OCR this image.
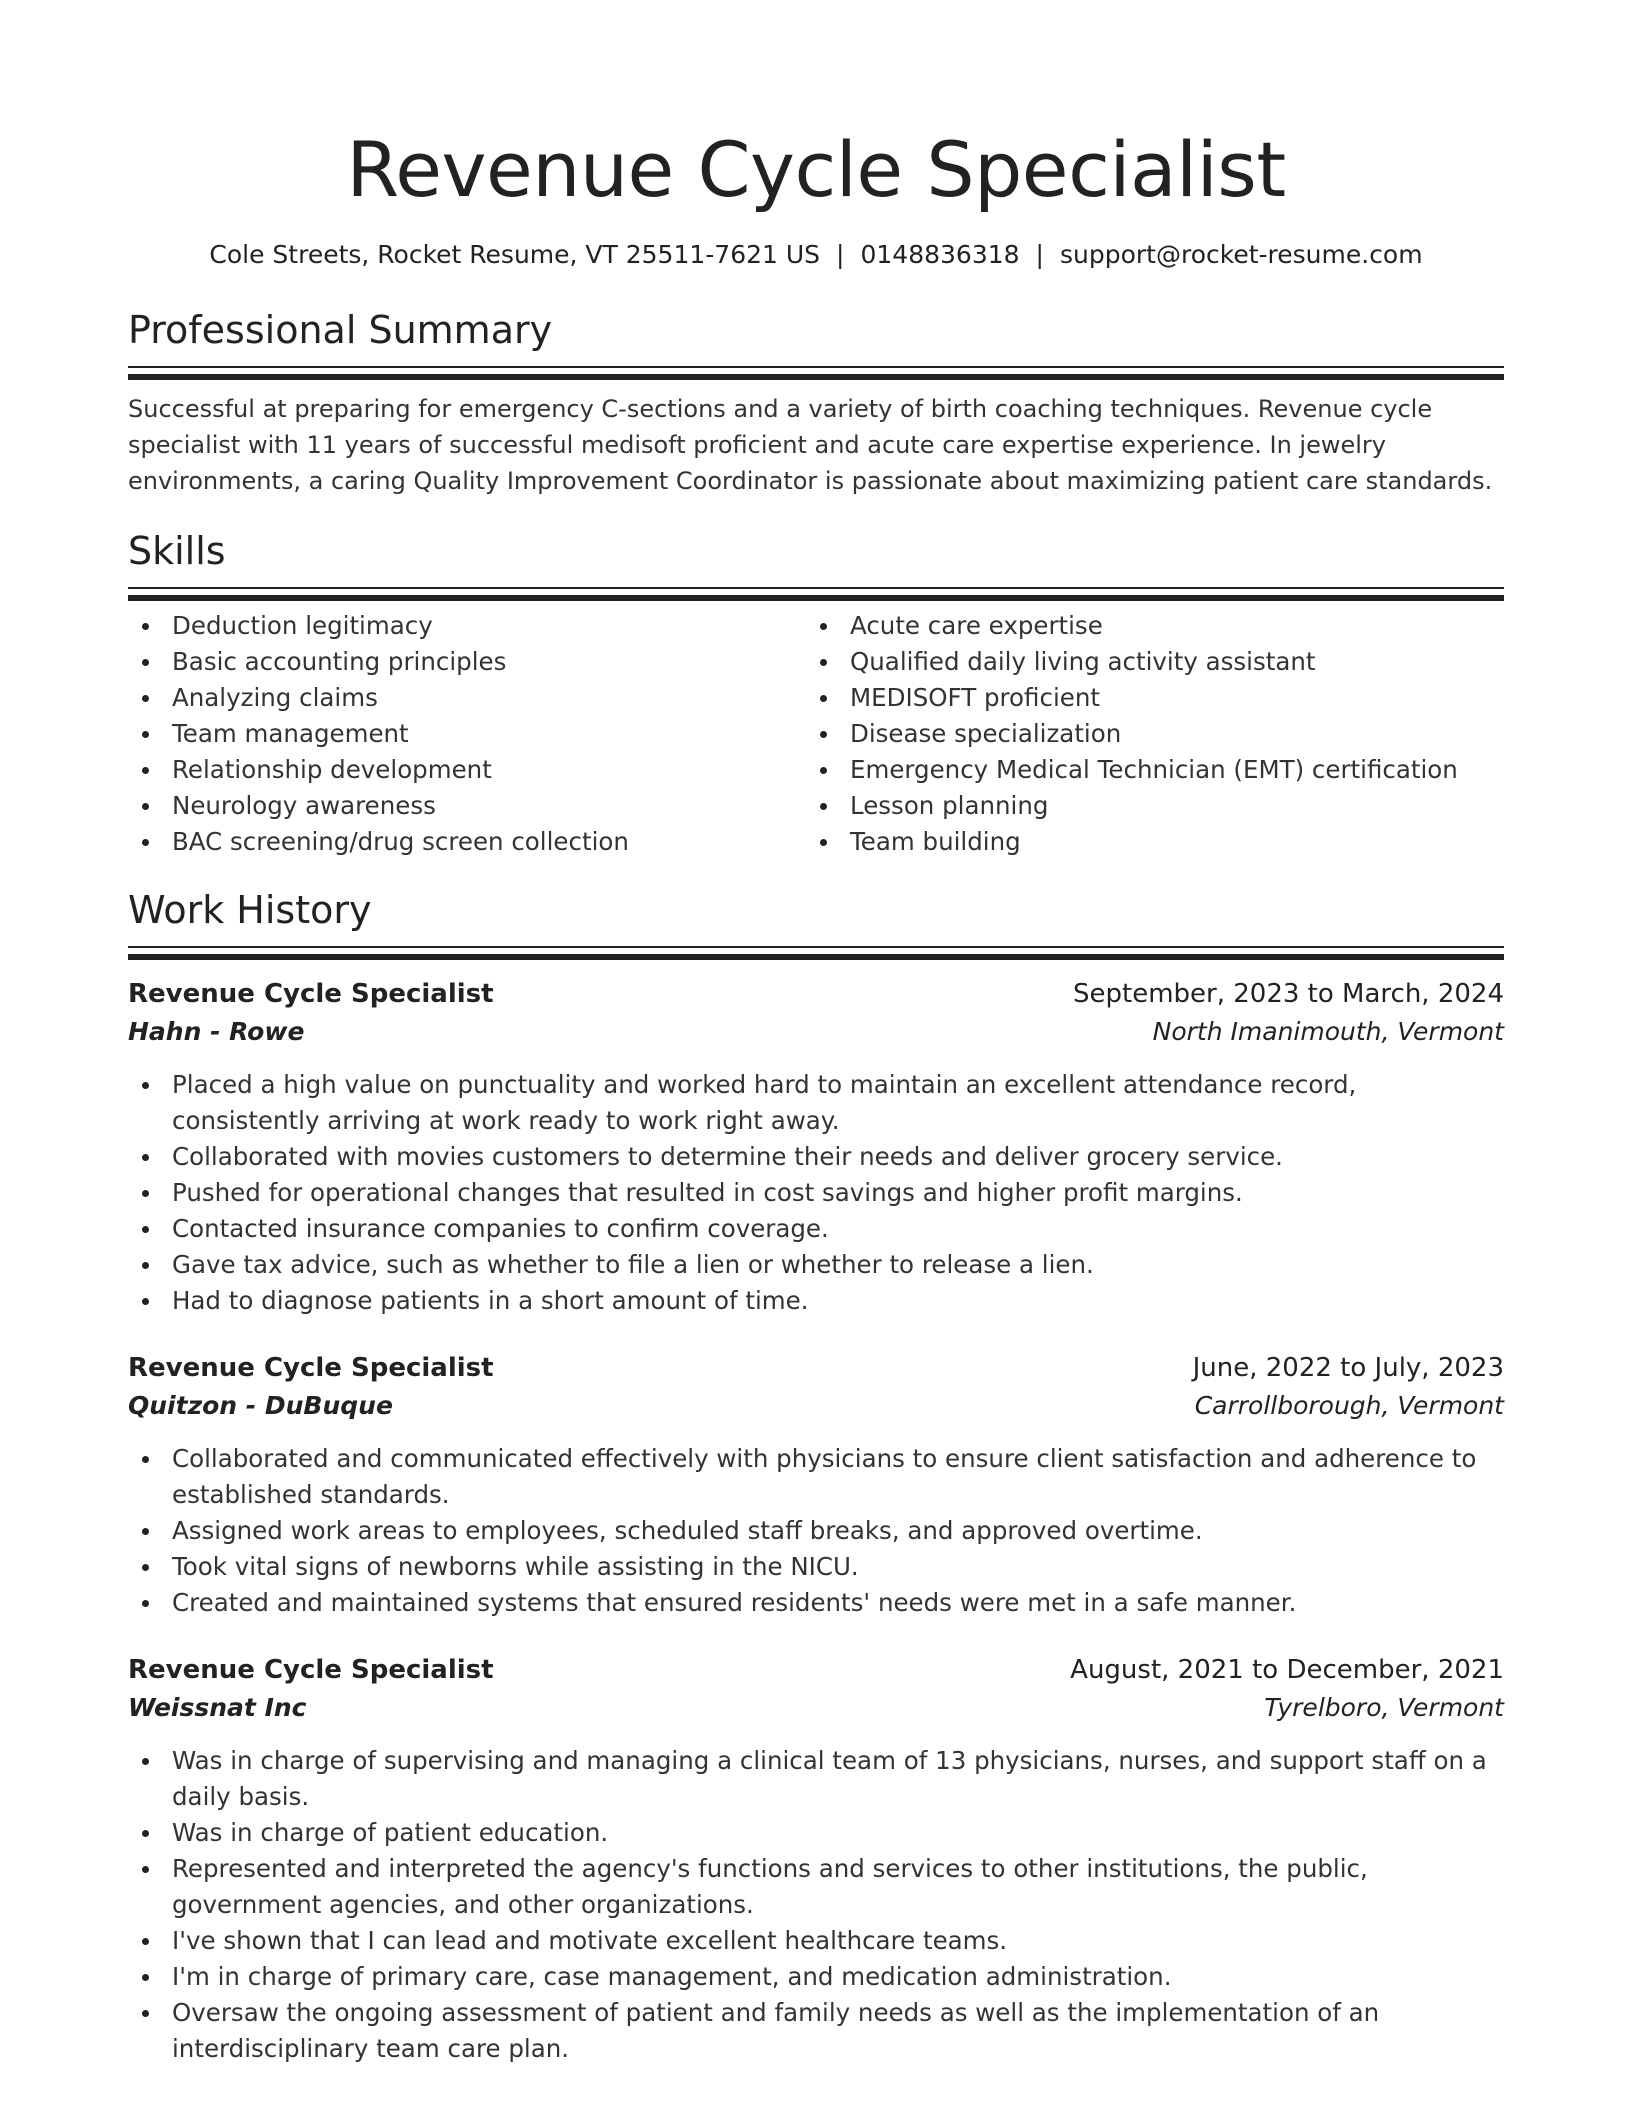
Revenue Cycle Specialist
Cole Streets, Rocket Resume, VT 25511-7621 US | 0148836318 | support@rocket-resume.com
Professional Summary
Successful at preparing for emergency C-sections and a variety of birth coaching techniques. Revenue cycle specialist with 11 years of successful medisoft proficient and acute care expertise experience. In jewelry environments, a caring Quality Improvement Coordinator is passionate about maximizing patient care standards.
Skills
Deduction legitimacy
Basic accounting principles
Analyzing claims
Team management
Relationship development
Neurology awareness
BAC screening/drug screen collection
Acute care expertise
Qualified daily living activity assistant
MEDISOFT proficient
Disease specialization
Emergency Medical Technician (EMT) certification
Lesson planning
Team building
Work History
Revenue Cycle Specialist	September, 2023 to March, 2024
Hahn - Rowe	North Imanimouth, Vermont
Placed a high value on punctuality and worked hard to maintain an excellent attendance record, consistently arriving at work ready to work right away.
Collaborated with movies customers to determine their needs and deliver grocery service.
Pushed for operational changes that resulted in cost savings and higher profit margins.
Contacted insurance companies to confirm coverage.
Gave tax advice, such as whether to file a lien or whether to release a lien.
Had to diagnose patients in a short amount of time.
Revenue Cycle Specialist	June, 2022 to July, 2023
Quitzon - DuBuque	Carrollborough, Vermont
Collaborated and communicated effectively with physicians to ensure client satisfaction and adherence to established standards.
Assigned work areas to employees, scheduled staff breaks, and approved overtime.
Took vital signs of newborns while assisting in the NICU.
Created and maintained systems that ensured residents' needs were met in a safe manner.
Revenue Cycle Specialist	August, 2021 to December, 2021
Weissnat Inc	Tyrelboro, Vermont
Was in charge of supervising and managing a clinical team of 13 physicians, nurses, and support staff on a daily basis.
Was in charge of patient education.
Represented and interpreted the agency's functions and services to other institutions, the public, government agencies, and other organizations.
I've shown that I can lead and motivate excellent healthcare teams.
I'm in charge of primary care, case management, and medication administration.
Oversaw the ongoing assessment of patient and family needs as well as the implementation of an interdisciplinary team care plan.
